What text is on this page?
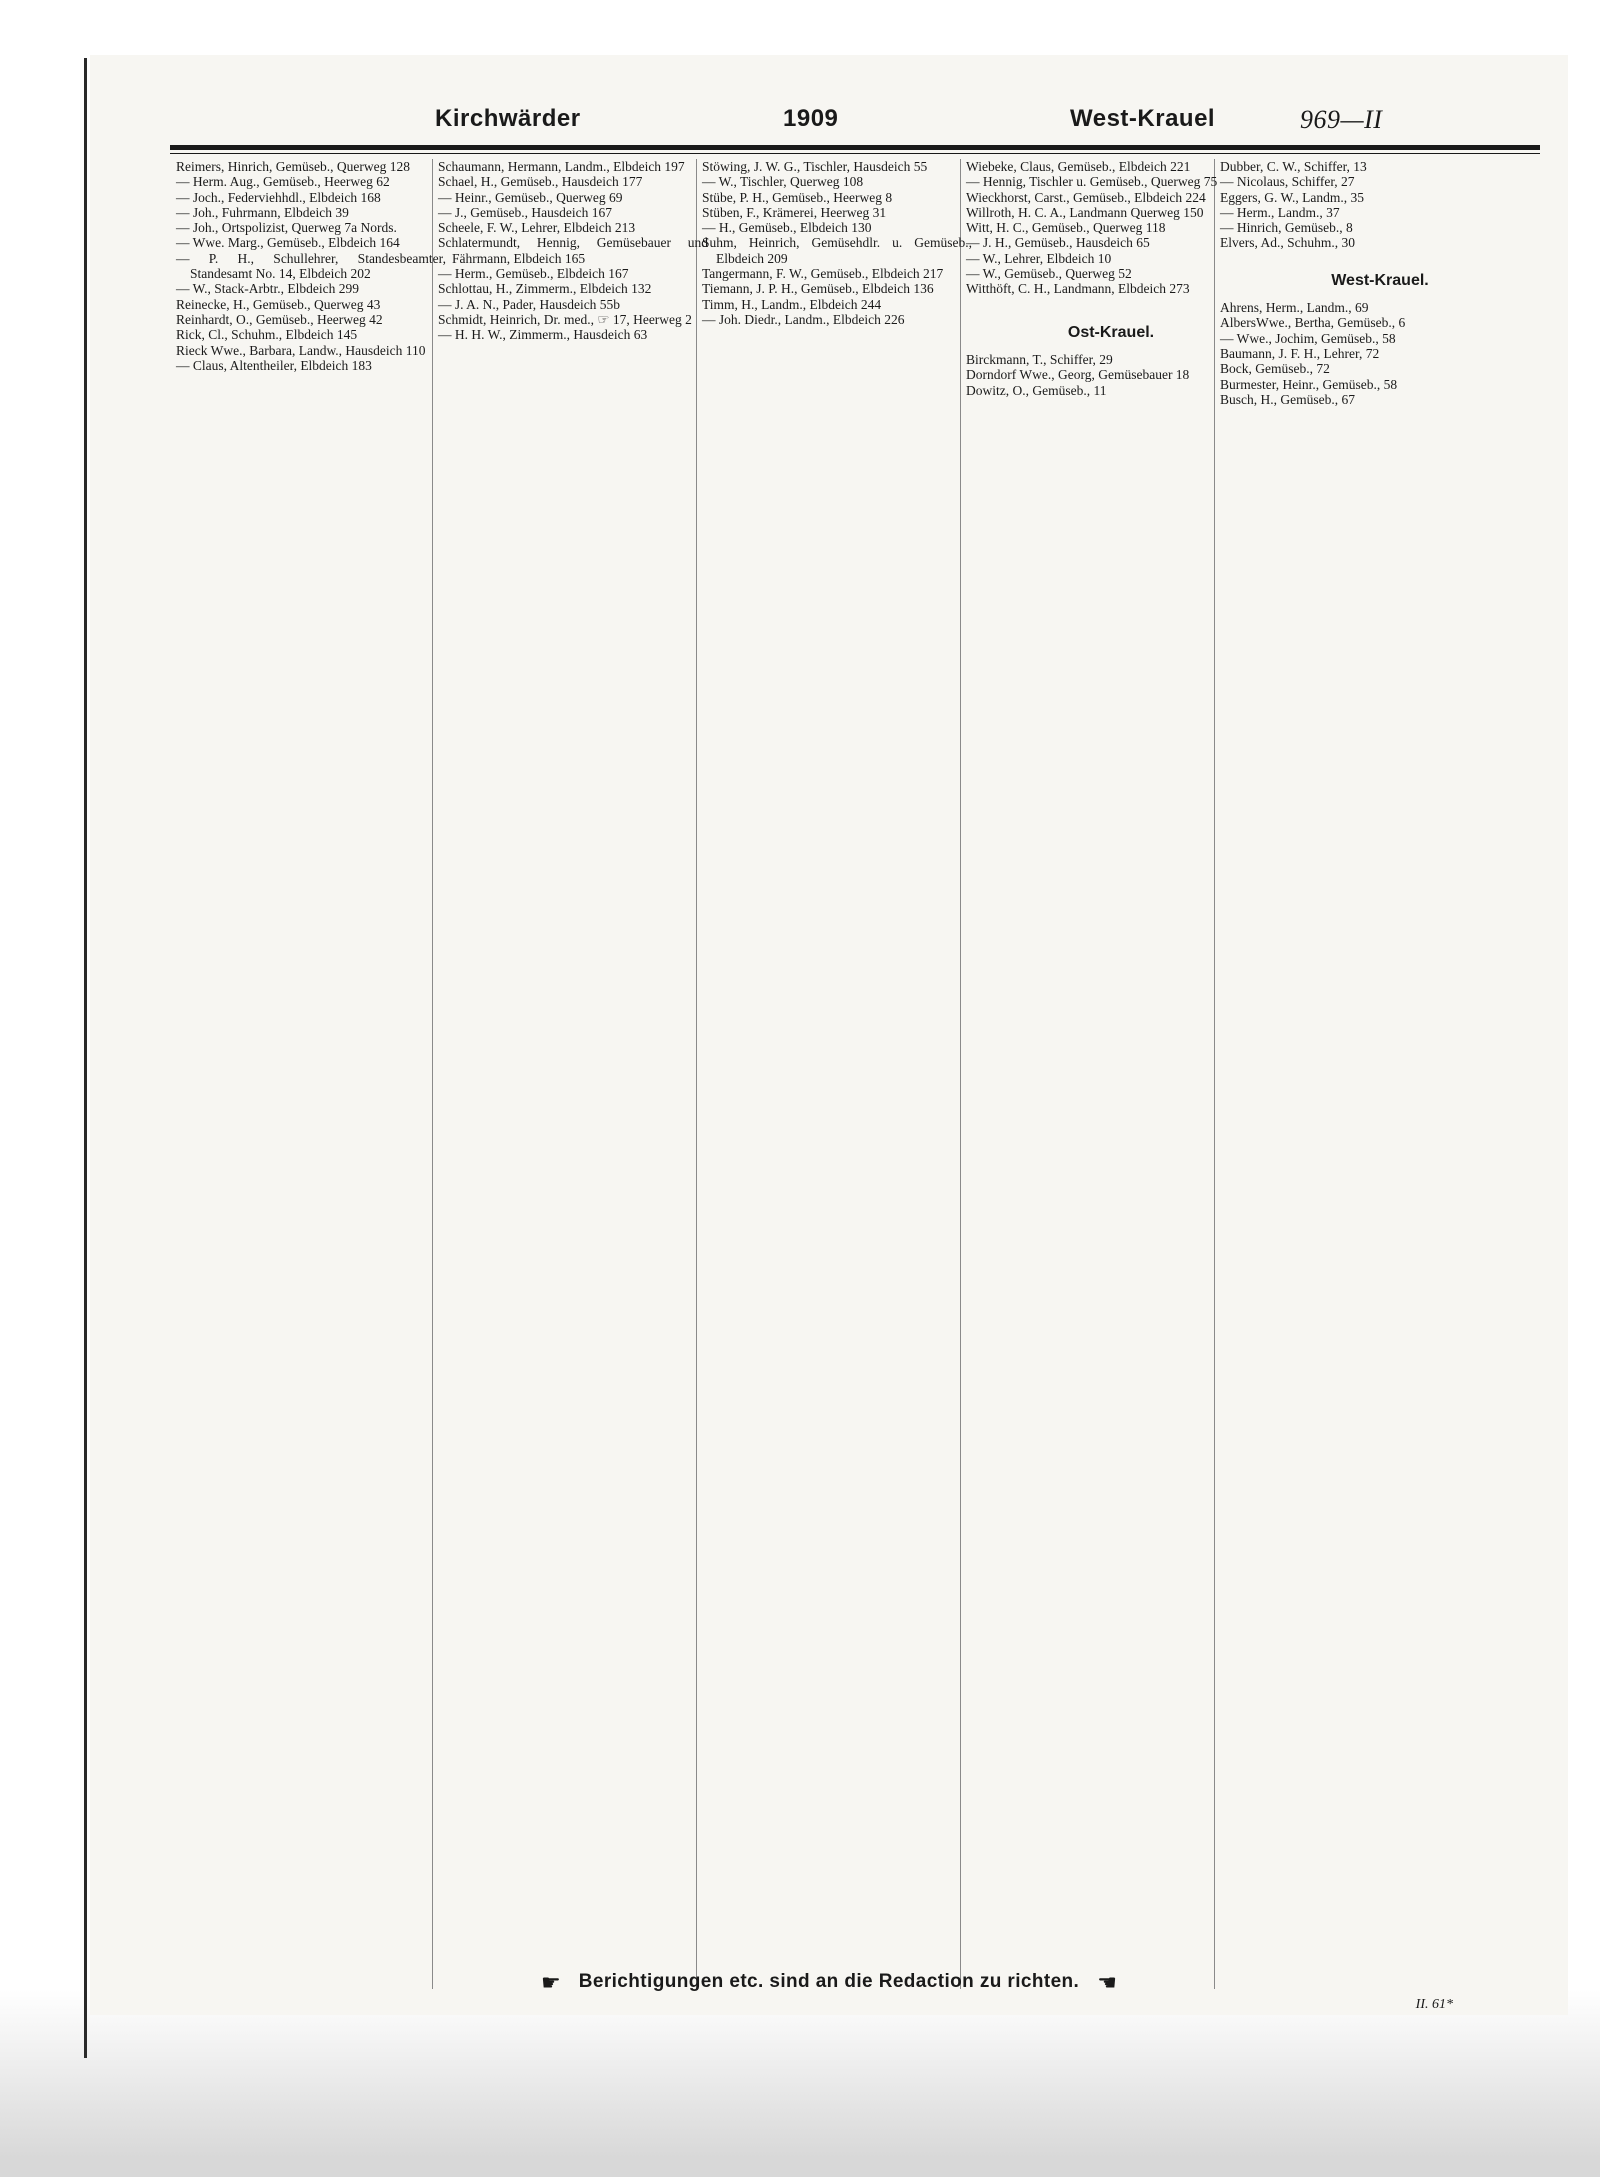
Kirchwärder	1909	West-Krauel	969—II
Reimers, Hinrich, Gemüseb., Querweg 128
— Herm. Aug., Gemüseb., Heerweg 62
— Joch., Federviehhdl., Elbdeich 168
— Joh., Fuhrmann, Elbdeich 39
— Joh., Ortspolizist, Querweg 7a Nords.
— Wwe. Marg., Gemüseb., Elbdeich 164
— P. H., Schullehrer, Standesbeamter, Standesamt No. 14, Elbdeich 202
— W., Stack-Arbtr., Elbdeich 299
Reinecke, H., Gemüseb., Querweg 43
Reinhardt, O., Gemüseb., Heerweg 42
Rick, Cl., Schuhm., Elbdeich 145
Rieck Wwe., Barbara, Landw., Hausdeich 110
— Claus, Altentheiler, Elbdeich 183
Schaumann, Hermann, Landm., Elbdeich 197
Schael, H., Gemüseb., Hausdeich 177
— Heinr., Gemüseb., Querweg 69
— J., Gemüseb., Hausdeich 167
Scheele, F. W., Lehrer, Elbdeich 213
Schlatermundt, Hennig, Gemüsebauer und Fährmann, Elbdeich 165
— Herm., Gemüseb., Elbdeich 167
Schlottau, H., Zimmerm., Elbdeich 132
— J. A. N., Pader, Hausdeich 55b
Schmidt, Heinrich, Dr. med., ☞ 17, Heerweg 2
— H. H. W., Zimmerm., Hausdeich 63
Stöwing, J. W. G., Tischler, Hausdeich 55
— W., Tischler, Querweg 108
Stübe, P. H., Gemüseb., Heerweg 8
Stüben, F., Krämerei, Heerweg 31
— H., Gemüseb., Elbdeich 130
Suhm, Heinrich, Gemüsehdlr. u. Gemüseb., Elbdeich 209
Tangermann, F. W., Gemüseb., Elbdeich 217
Tiemann, J. P. H., Gemüseb., Elbdeich 136
Timm, H., Landm., Elbdeich 244
— Joh. Diedr., Landm., Elbdeich 226
Wiebeke, Claus, Gemüseb., Elbdeich 221
— Hennig, Tischler u. Gemüseb., Querweg 75
Wieckhorst, Carst., Gemüseb., Elbdeich 224
Willroth, H. C. A., Landmann Querweg 150
Witt, H. C., Gemüseb., Querweg 118
— J. H., Gemüseb., Hausdeich 65
— W., Lehrer, Elbdeich 10
— W., Gemüseb., Querweg 52
Witthöft, C. H., Landmann, Elbdeich 273
Ost-Krauel.
Birckmann, T., Schiffer, 29
Dorndorf Wwe., Georg, Gemüsebauer 18
Dowitz, O., Gemüseb., 11
Dubber, C. W., Schiffer, 13
— Nicolaus, Schiffer, 27
Eggers, G. W., Landm., 35
— Herm., Landm., 37
— Hinrich, Gemüseb., 8
Elvers, Ad., Schuhm., 30
West-Krauel.
Ahrens, Herm., Landm., 69
AlbersWwe., Bertha, Gemüseb., 6
— Wwe., Jochim, Gemüseb., 58
Baumann, J. F. H., Lehrer, 72
Bock, Gemüseb., 72
Burmester, Heinr., Gemüseb., 58
Busch, H., Gemüseb., 67
☛ Berichtigungen etc. sind an die Redaction zu richten. ☚
II. 61*
